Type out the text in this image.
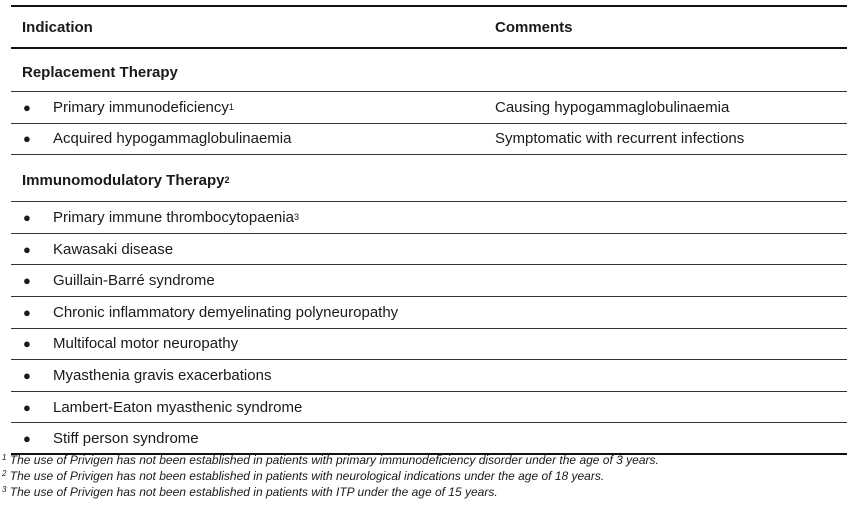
Indication	Comments
Replacement Therapy
●	Primary immunodeficiency 1	Causing hypogammaglobulinaemia
●	Acquired hypogammaglobulinaemia	Symptomatic with recurrent infections
Immunomodulatory Therapy 2
●	Primary immune thrombocytopaenia 3
●	Kawasaki disease
●	Guillain-Barré syndrome
●	Chronic inflammatory demyelinating polyneuropathy
●	Multifocal motor neuropathy
●	Myasthenia gravis exacerbations
●	Lambert-Eaton myasthenic syndrome
●	Stiff person syndrome
$^1$ The use of Privigen has not been established in patients with primary immunodeficiency disorder under the age of 3 years.
$^2$ The use of Privigen has not been established in patients with neurological indications under the age of 18 years.
$^3$ The use of Privigen has not been established in patients with ITP under the age of 15 years.
